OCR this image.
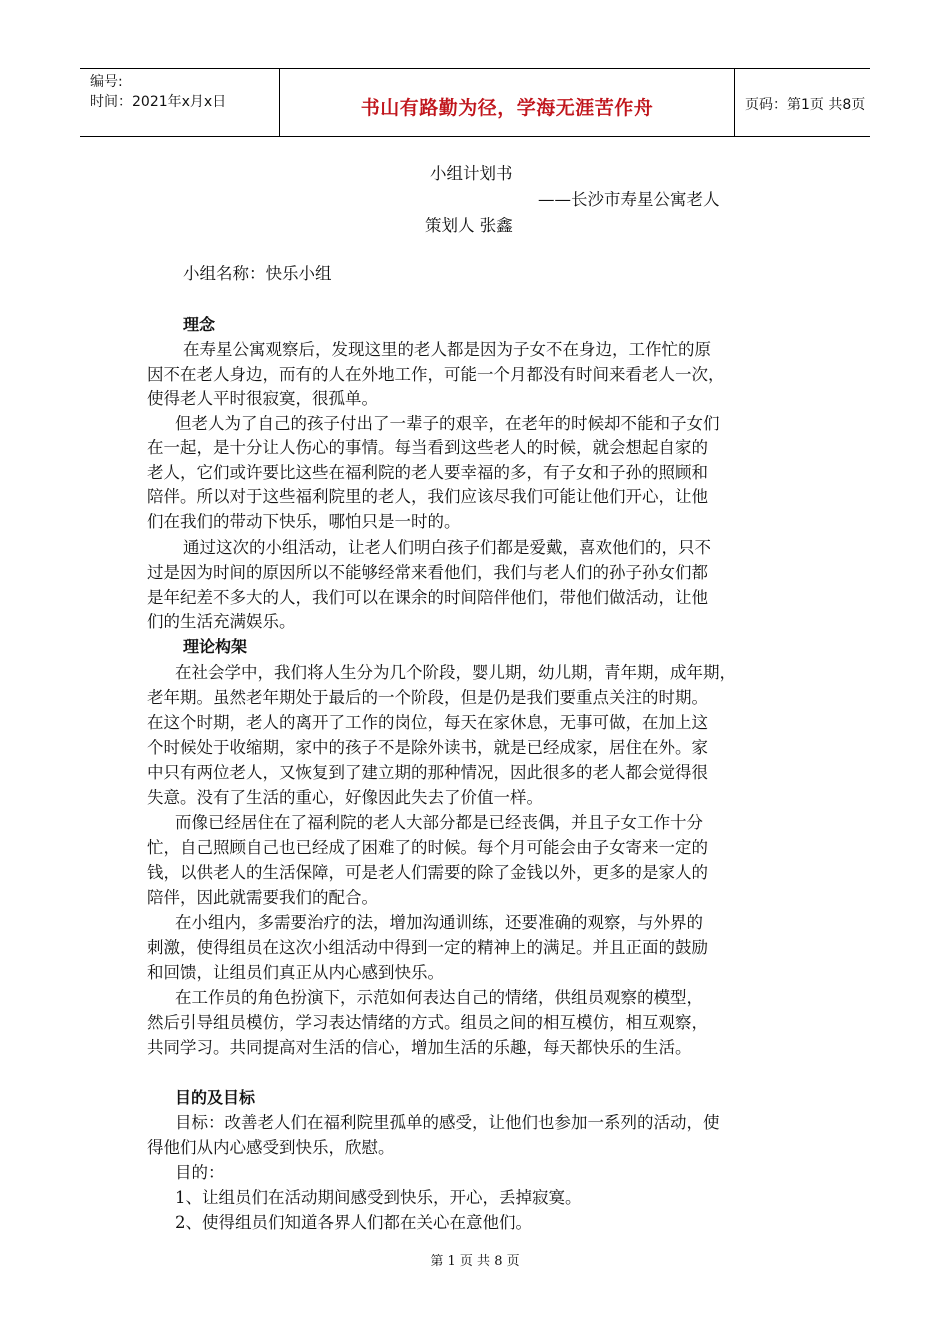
编号:
时间：2021年x月x日	书山有路勤为径，学海无涯苦作舟	页码：第1页 共8页
小组计划书
——长沙市寿星公寓老人
策划人 张鑫
小组名称：快乐小组
理念
在寿星公寓观察后，发现这里的老人都是因为子女不在身边，工作忙的原
因不在老人身边，而有的人在外地工作，可能一个月都没有时间来看老人一次，
使得老人平时很寂寞，很孤单。
但老人为了自己的孩子付出了一辈子的艰辛，在老年的时候却不能和子女们
在一起，是十分让人伤心的事情。每当看到这些老人的时候，就会想起自家的
老人，它们或许要比这些在福利院的老人要幸福的多，有子女和子孙的照顾和
陪伴。所以对于这些福利院里的老人，我们应该尽我们可能让他们开心，让他
们在我们的带动下快乐，哪怕只是一时的。
通过这次的小组活动，让老人们明白孩子们都是爱戴，喜欢他们的，只不
过是因为时间的原因所以不能够经常来看他们，我们与老人们的孙子孙女们都
是年纪差不多大的人，我们可以在课余的时间陪伴他们，带他们做活动，让他
们的生活充满娱乐。
理论构架
在社会学中，我们将人生分为几个阶段，婴儿期，幼儿期，青年期，成年期，
老年期。虽然老年期处于最后的一个阶段，但是仍是我们要重点关注的时期。
在这个时期，老人的离开了工作的岗位，每天在家休息，无事可做，在加上这
个时候处于收缩期，家中的孩子不是除外读书，就是已经成家，居住在外。家
中只有两位老人，又恢复到了建立期的那种情况，因此很多的老人都会觉得很
失意。没有了生活的重心，好像因此失去了价值一样。
而像已经居住在了福利院的老人大部分都是已经丧偶，并且子女工作十分
忙，自己照顾自己也已经成了困难了的时候。每个月可能会由子女寄来一定的
钱，以供老人的生活保障，可是老人们需要的除了金钱以外，更多的是家人的
陪伴，因此就需要我们的配合。
在小组内，多需要治疗的法，增加沟通训练，还要准确的观察，与外界的
刺激，使得组员在这次小组活动中得到一定的精神上的满足。并且正面的鼓励
和回馈，让组员们真正从内心感到快乐。
在工作员的角色扮演下，示范如何表达自己的情绪，供组员观察的模型，
然后引导组员模仿，学习表达情绪的方式。组员之间的相互模仿，相互观察，
共同学习。共同提高对生活的信心，增加生活的乐趣，每天都快乐的生活。
目的及目标
目标：改善老人们在福利院里孤单的感受，让他们也参加一系列的活动，使
得他们从内心感受到快乐，欣慰。
目的：
1、让组员们在活动期间感受到快乐，开心，丢掉寂寞。
2、使得组员们知道各界人们都在关心在意他们。
第 1 页 共 8 页
